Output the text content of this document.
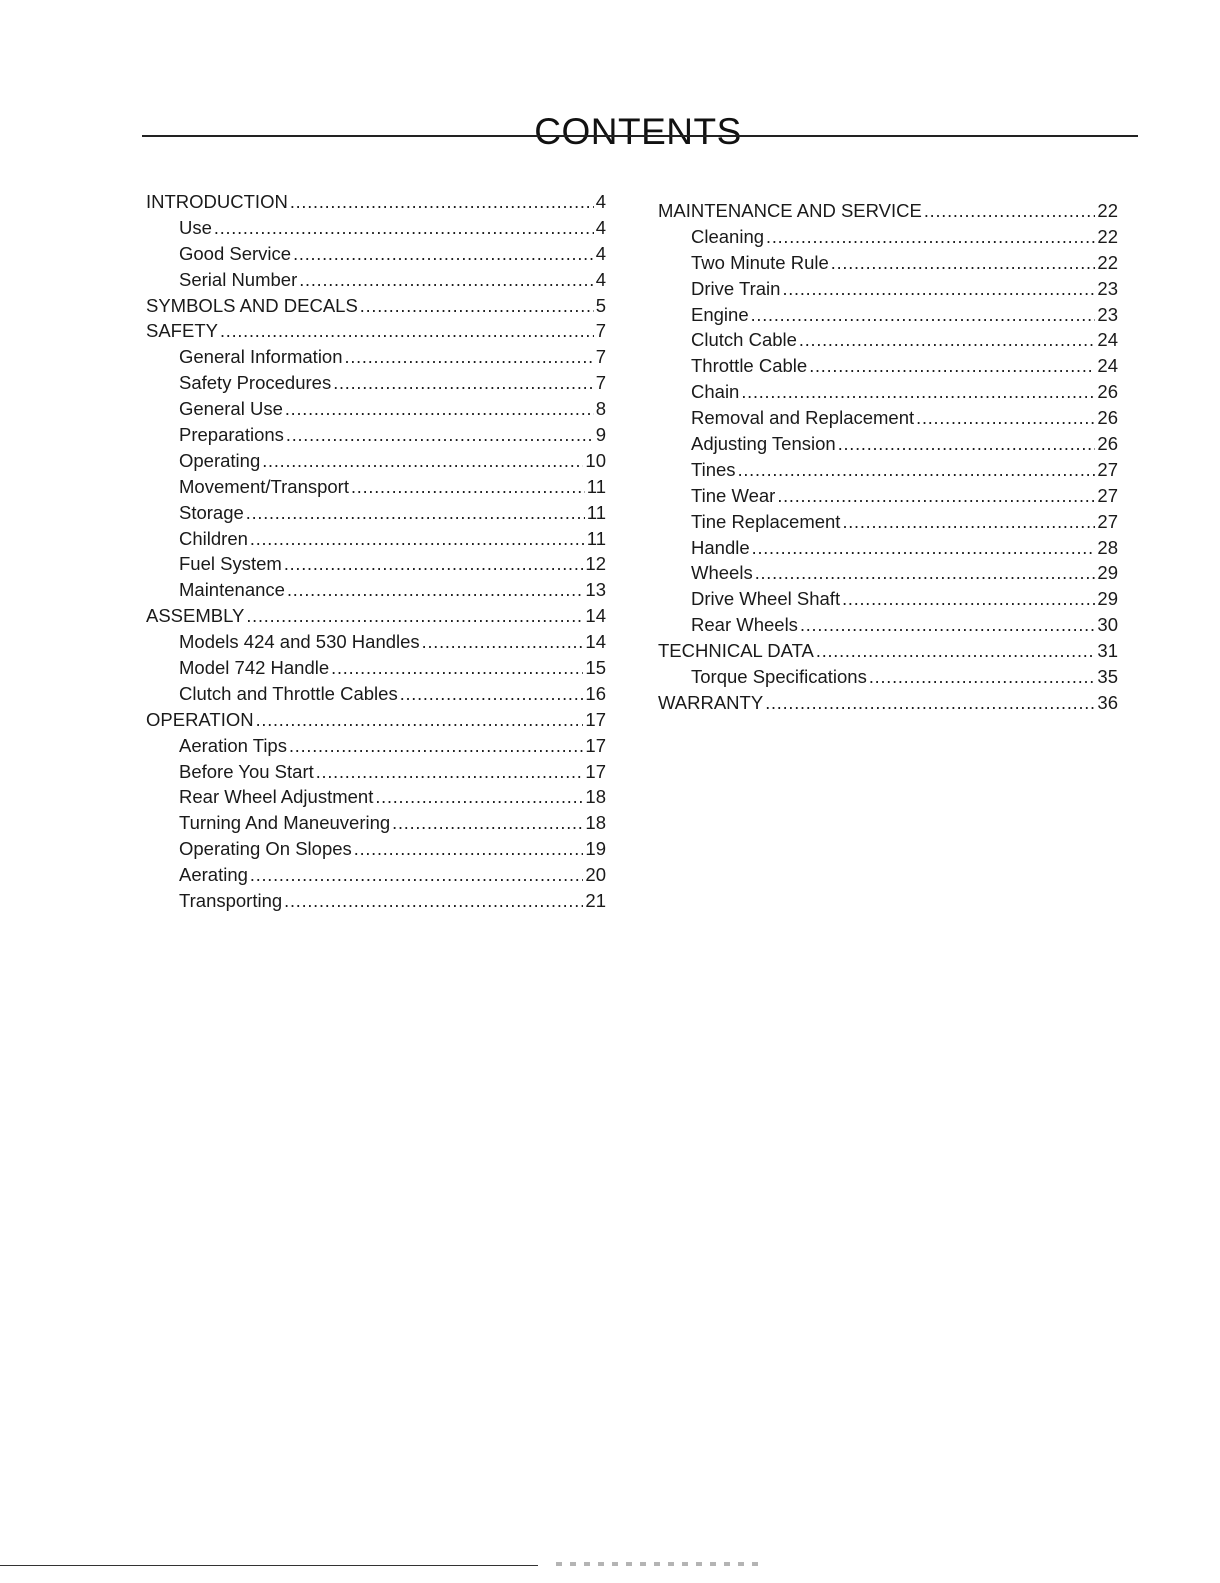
CONTENTS
INTRODUCTION .....	4
Use .....	4
Good Service .....	4
Serial Number .....	4
SYMBOLS AND DECALS .....	5
SAFETY .....	7
General Information .....	7
Safety Procedures .....	7
General Use .....	8
Preparations .....	9
Operating .....	10
Movement/Transport .....	11
Storage .....	11
Children .....	11
Fuel System .....	12
Maintenance .....	13
ASSEMBLY .....	14
Models 424 and 530 Handles .....	14
Model 742 Handle .....	15
Clutch and Throttle Cables .....	16
OPERATION .....	17
Aeration Tips .....	17
Before You Start .....	17
Rear Wheel Adjustment .....	18
Turning And Maneuvering .....	18
Operating On Slopes .....	19
Aerating .....	20
Transporting .....	21
MAINTENANCE AND SERVICE .....	22
Cleaning .....	22
Two Minute Rule .....	22
Drive Train .....	23
Engine .....	23
Clutch Cable .....	24
Throttle Cable .....	24
Chain .....	26
Removal and Replacement .....	26
Adjusting Tension .....	26
Tines .....	27
Tine Wear .....	27
Tine Replacement .....	27
Handle .....	28
Wheels .....	29
Drive Wheel Shaft .....	29
Rear Wheels .....	30
TECHNICAL DATA .....	31
Torque Specifications .....	35
WARRANTY .....	36
